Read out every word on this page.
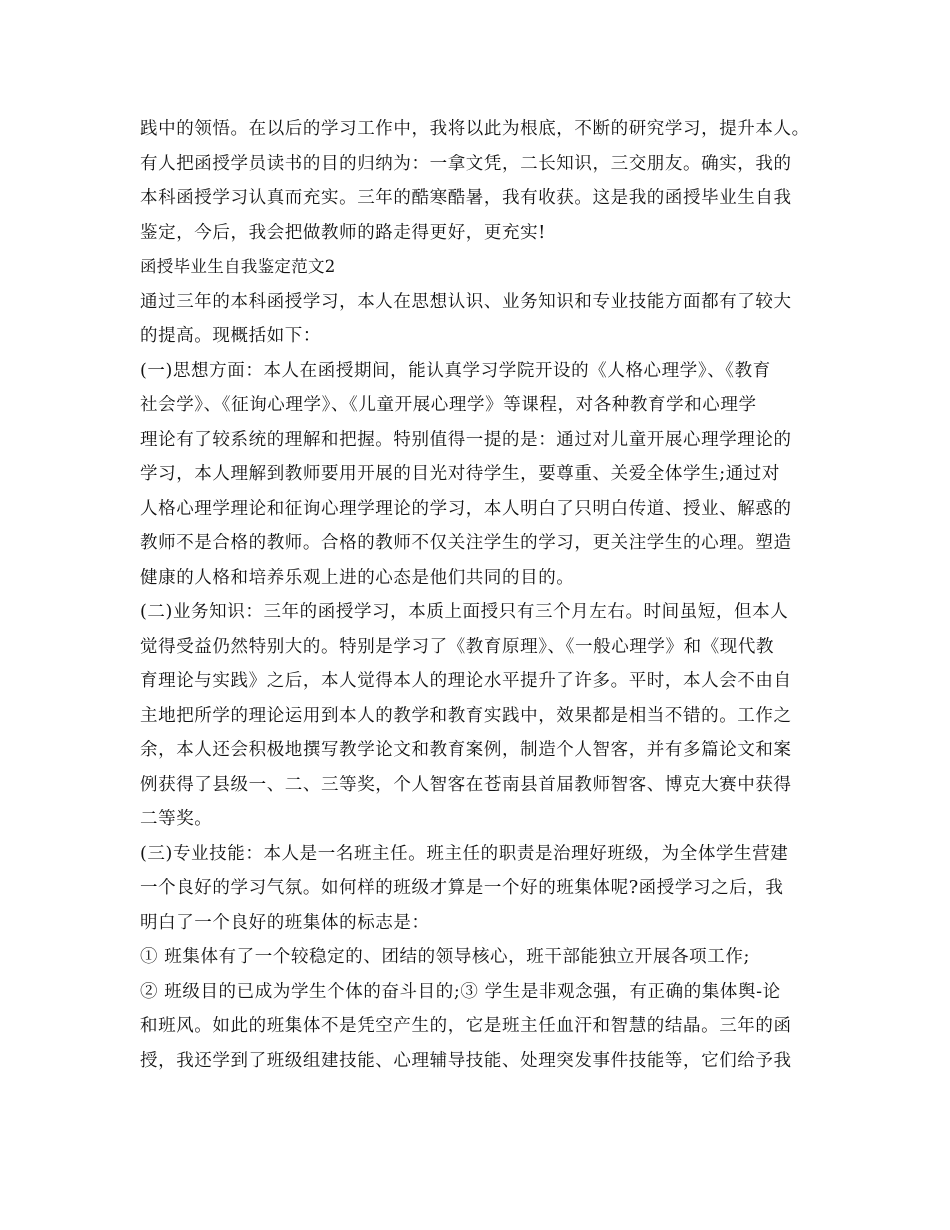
践中的领悟。在以后的学习工作中，我将以此为根底，不断的研究学习，提升本人。

有人把函授学员读书的目的归纳为：一拿文凭，二长知识，三交朋友。确实，我的

本科函授学习认真而充实。三年的酷寒酷暑，我有收获。这是我的函授毕业生自我

鉴定，今后，我会把做教师的路走得更好，更充实!

函授毕业生自我鉴定范文2

通过三年的本科函授学习，本人在思想认识、业务知识和专业技能方面都有了较大

的提高。现概括如下：

(一)思想方面：本人在函授期间，能认真学习学院开设的《人格心理学》、《教育

社会学》、《征询心理学》、《儿童开展心理学》等课程，对各种教育学和心理学

理论有了较系统的理解和把握。特别值得一提的是：通过对儿童开展心理学理论的

学习，本人理解到教师要用开展的目光对待学生，要尊重、关爱全体学生;通过对

人格心理学理论和征询心理学理论的学习，本人明白了只明白传道、授业、解惑的

教师不是合格的教师。合格的教师不仅关注学生的学习，更关注学生的心理。塑造

健康的人格和培养乐观上进的心态是他们共同的目的。

(二)业务知识：三年的函授学习，本质上面授只有三个月左右。时间虽短，但本人

觉得受益仍然特别大的。特别是学习了《教育原理》、《一般心理学》和《现代教

育理论与实践》之后，本人觉得本人的理论水平提升了许多。平时，本人会不由自

主地把所学的理论运用到本人的教学和教育实践中，效果都是相当不错的。工作之

余，本人还会积极地撰写教学论文和教育案例，制造个人智客，并有多篇论文和案

例获得了县级一、二、三等奖，个人智客在苍南县首届教师智客、博克大赛中获得

二等奖。

(三)专业技能：本人是一名班主任。班主任的职责是治理好班级，为全体学生营建

一个良好的学习气氛。如何样的班级才算是一个好的班集体呢?函授学习之后，我

明白了一个良好的班集体的标志是：

① 班集体有了一个较稳定的、团结的领导核心，班干部能独立开展各项工作;

② 班级目的已成为学生个体的奋斗目的;③ 学生是非观念强，有正确的集体舆-论

和班风。如此的班集体不是凭空产生的，它是班主任血汗和智慧的结晶。三年的函

授，我还学到了班级组建技能、心理辅导技能、处理突发事件技能等，它们给予我
